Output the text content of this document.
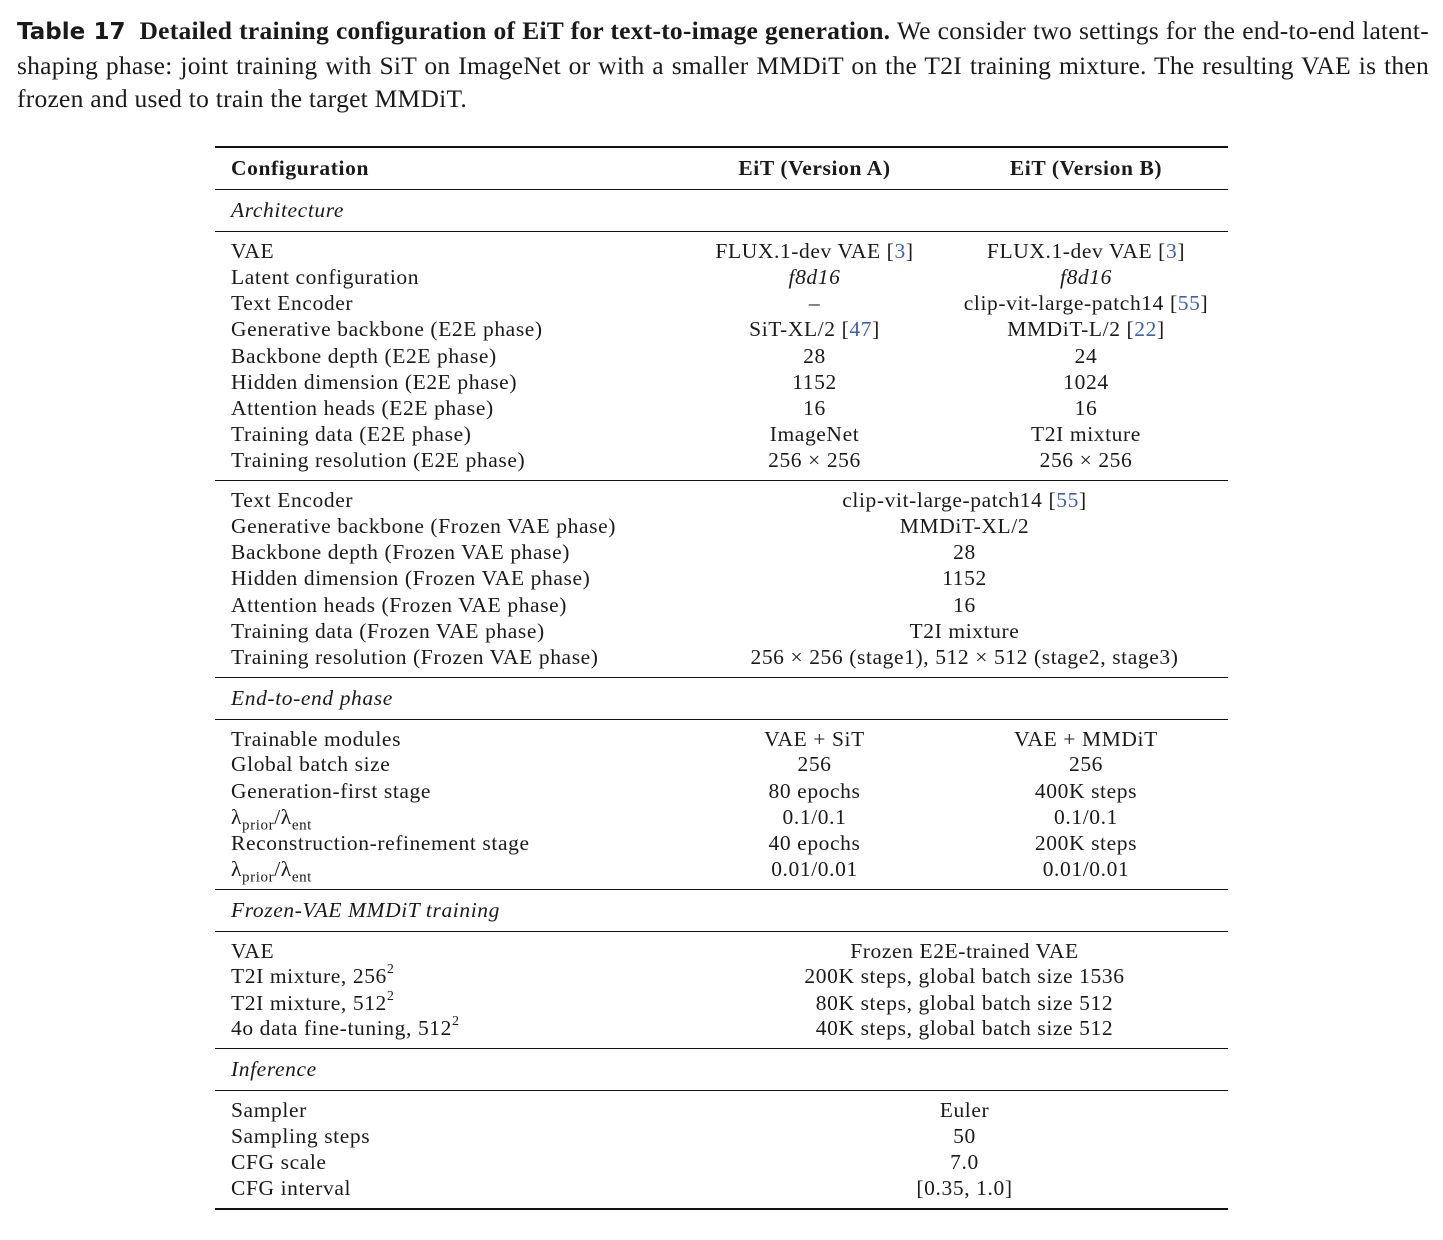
Table 17 Detailed training configuration of EiT for text-to-image generation. We consider two settings for the end-to-end latent-shaping phase: joint training with SiT on ImageNet or with a smaller MMDiT on the T2I training mixture. The resulting VAE is then frozen and used to train the target MMDiT.
Configuration	EiT (Version A)	EiT (Version B)
Architecture		
VAE	FLUX.1-dev VAE [3]	FLUX.1-dev VAE [3]
Latent configuration	f8d16	f8d16
Text Encoder	–	clip-vit-large-patch14 [55]
Generative backbone (E2E phase)	SiT-XL/2 [47]	MMDiT-L/2 [22]
Backbone depth (E2E phase)	28	24
Hidden dimension (E2E phase)	1152	1024
Attention heads (E2E phase)	16	16
Training data (E2E phase)	ImageNet	T2I mixture
Training resolution (E2E phase)	256 × 256	256 × 256
Text Encoder	clip-vit-large-patch14 [55]	
Generative backbone (Frozen VAE phase)	MMDiT-XL/2	
Backbone depth (Frozen VAE phase)	28	
Hidden dimension (Frozen VAE phase)	1152	
Attention heads (Frozen VAE phase)	16	
Training data (Frozen VAE phase)	T2I mixture	
Training resolution (Frozen VAE phase)	256 × 256 (stage1), 512 × 512 (stage2, stage3)	
End-to-end phase		
Trainable modules	VAE + SiT	VAE + MMDiT
Global batch size	256	256
Generation-first stage	80 epochs	400K steps
$\lambda_{prior}/\lambda_{ent}$	0.1/0.1	0.1/0.1
Reconstruction-refinement stage	40 epochs	200K steps
$\lambda_{prior}/\lambda_{ent}$	0.01/0.01	0.01/0.01
Frozen-VAE MMDiT training		
VAE	Frozen E2E-trained VAE	
T2I mixture, $256^2$	200K steps, global batch size 1536	
T2I mixture, $512^2$	80K steps, global batch size 512	
4o data fine-tuning, $512^2$	40K steps, global batch size 512	
Inference		
Sampler	Euler	
Sampling steps	50	
CFG scale	7.0	
CFG interval	[0.35, 1.0]	
